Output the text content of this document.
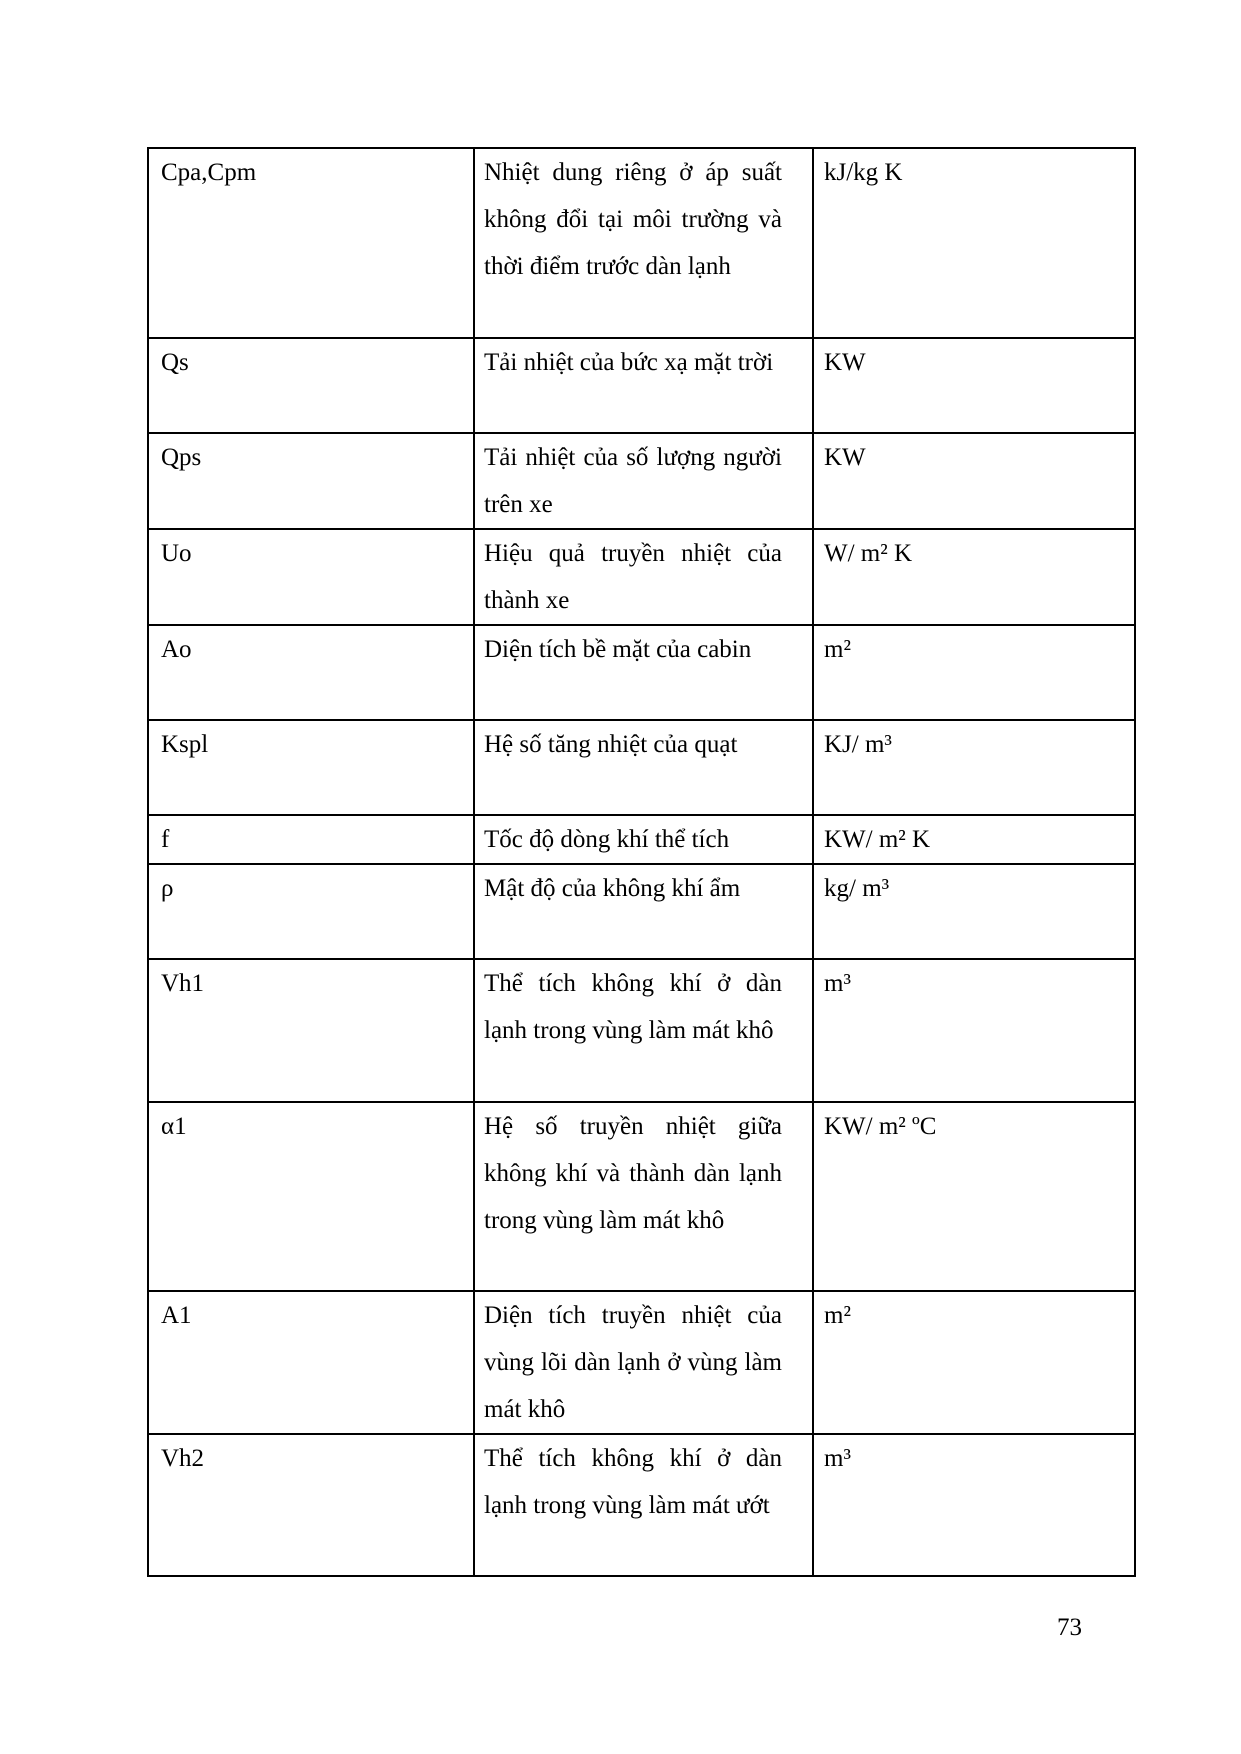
Cpa,Cpm	Nhiệt dung riêng ở áp suất không đổi tại môi trường và thời điểm trước dàn lạnh	kJ/kg K
Qs	Tải nhiệt của bức xạ mặt trời	KW
Qps	Tải nhiệt của số lượng người trên xe	KW
Uo	Hiệu quả truyền nhiệt của thành xe	W/ m² K
Ao	Diện tích bề mặt của cabin	m²
Kspl	Hệ số tăng nhiệt của quạt	KJ/ m³
f	Tốc độ dòng khí thể tích	KW/ m² K
ρ	Mật độ của không khí ẩm	kg/ m³
Vh1	Thể tích không khí ở dàn lạnh trong vùng làm mát khô	m³
α1	Hệ số truyền nhiệt giữa không khí và thành dàn lạnh trong vùng làm mát khô	KW/ m² ºC
A1	Diện tích truyền nhiệt của vùng lõi dàn lạnh ở vùng làm mát khô	m²
Vh2	Thể tích không khí ở dàn lạnh trong vùng làm mát ướt	m³
73
